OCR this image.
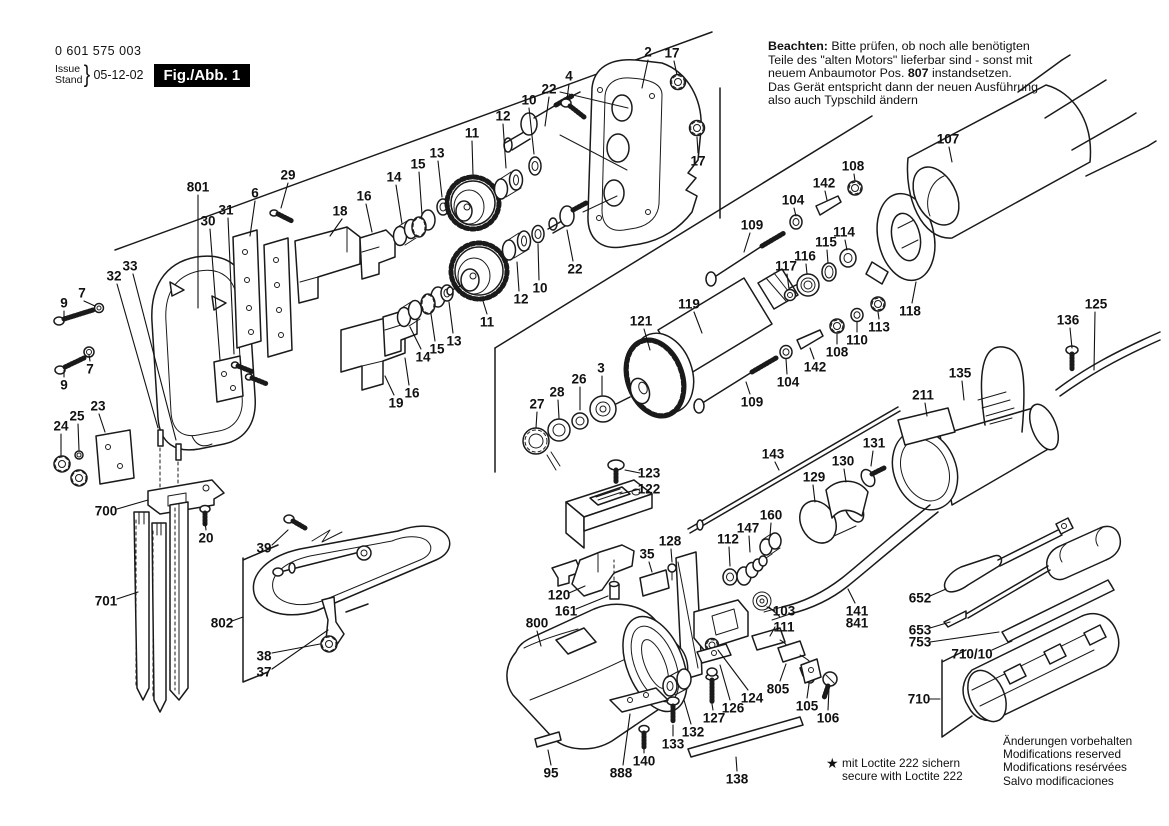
0 601 575 003
Issue
Stand } 05-12-02	Fig./Abb. 1
Beachten: Bitte prüfen, ob noch alle benötigten
Teile des "alten Motors" lieferbar sind - sonst mit
neuem Anbaumotor Pos. 807 instandsetzen.
Das Gerät entspricht dann der neuen Ausführung
also auch Typschild ändern
2 17
4
22
10
12
11
13
15
14
17
16
18
801
29
6
31
30
33
32
9
7
9
7
23
25
24
22
10
12
11
13
15
14
16
19	27
28
26
3
121
119
109
104
142
108
115
114
116
117
107
118
113
110
108
142
104
109
125
136
135
211
131
130
129
143
123
122
160
147
112
128
35
120
161	103
111
700
20
701
39
802
38
37
800
95	888
140
133
132
127
126
124
805
105
106
138
141
841
652
653
753
710/10
710
Änderungen vorbehalten
Modifications reserved
Modifications resérvées
Salvo modificaciones
★ mit Loctite 222 sichern
secure with Loctite 222
